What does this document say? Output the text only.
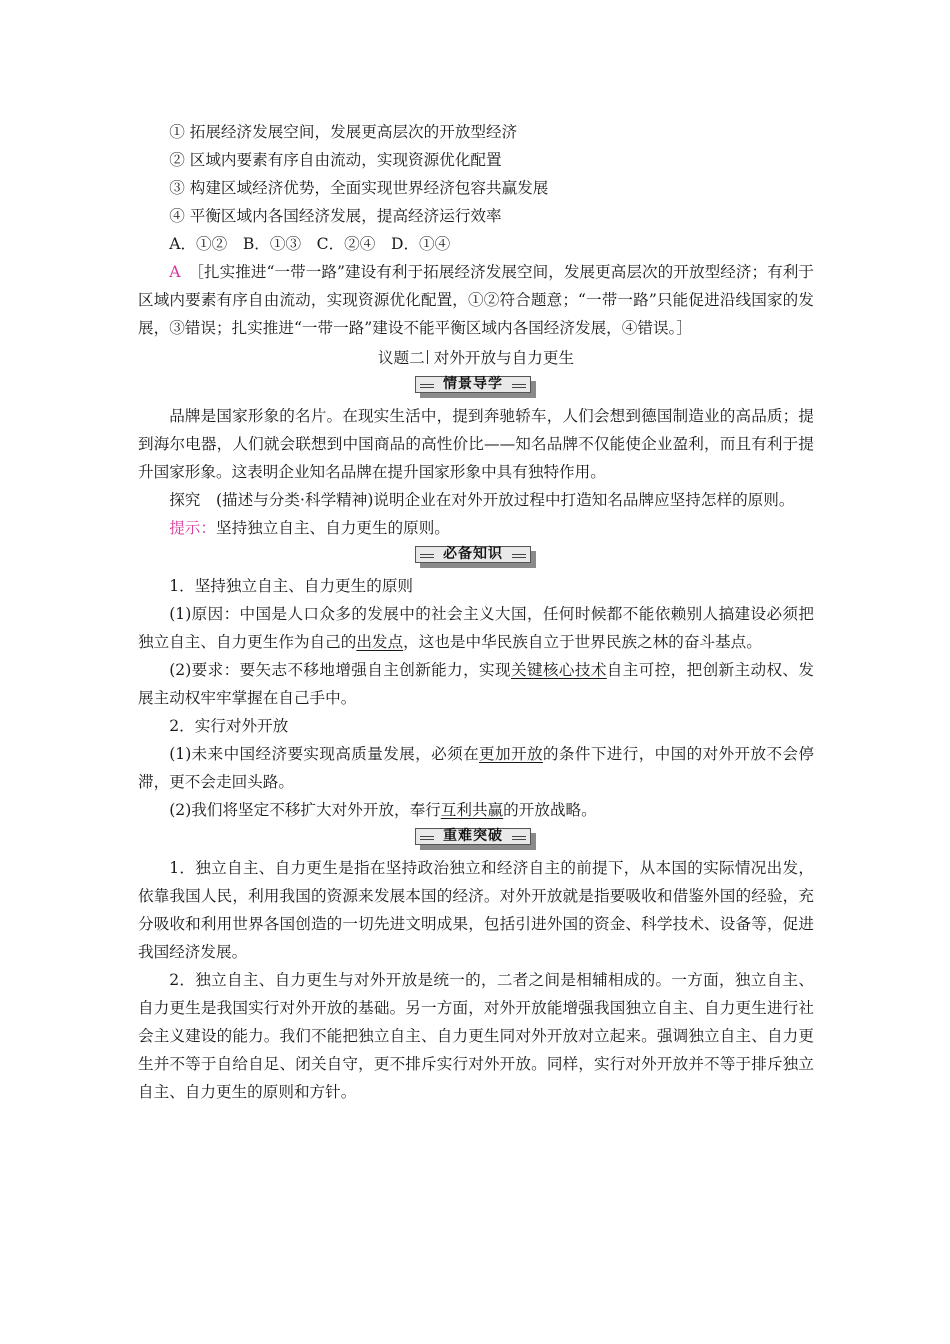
① 拓展经济发展空间，发展更高层次的开放型经济

② 区域内要素有序自由流动，实现资源优化配置

③ 构建区域经济优势，全面实现世界经济包容共赢发展

④ 平衡区域内各国经济发展，提高经济运行效率

A．①②　B．①③　C．②④　D．①④

A　 ［扎实推进“一带一路”建设有利于拓展经济发展空间，发展更高层次的开放型经济；有利于区域内要素有序自由流动，实现资源优化配置，①②符合题意；“一带一路”只能促进沿线国家的发展，③错误；扎实推进“一带一路”建设不能平衡区域内各国经济发展，④错误。］

议题二 对外开放与自力更生

情景导学

品牌是国家形象的名片。在现实生活中，提到奔驰轿车，人们会想到德国制造业的高品质；提到海尔电器，人们就会联想到中国商品的高性价比——知名品牌不仅能使企业盈利，而且有利于提升国家形象。这表明企业知名品牌在提升国家形象中具有独特作用。

探究　(描述与分类·科学精神)说明企业在对外开放过程中打造知名品牌应坚持怎样的原则。

提示：坚持独立自主、自力更生的原则。

必备知识

1．坚持独立自主、自力更生的原则

(1)原因：中国是人口众多的发展中的社会主义大国，任何时候都不能依赖别人搞建设必须把独立自主、自力更生作为自己的出发点，这也是中华民族自立于世界民族之林的奋斗基点。

(2)要求：要矢志不移地增强自主创新能力，实现关键核心技术自主可控，把创新主动权、发展主动权牢牢掌握在自己手中。

2．实行对外开放

(1)未来中国经济要实现高质量发展，必须在更加开放的条件下进行，中国的对外开放不会停滞，更不会走回头路。

(2)我们将坚定不移扩大对外开放，奉行互利共赢的开放战略。

重难突破

1．独立自主、自力更生是指在坚持政治独立和经济自主的前提下，从本国的实际情况出发，依靠我国人民，利用我国的资源来发展本国的经济。对外开放就是指要吸收和借鉴外国的经验，充分吸收和利用世界各国创造的一切先进文明成果，包括引进外国的资金、科学技术、设备等，促进我国经济发展。

2．独立自主、自力更生与对外开放是统一的，二者之间是相辅相成的。一方面，独立自主、自力更生是我国实行对外开放的基础。另一方面，对外开放能增强我国独立自主、自力更生进行社会主义建设的能力。我们不能把独立自主、自力更生同对外开放对立起来。强调独立自主、自力更生并不等于自给自足、闭关自守，更不排斥实行对外开放。同样，实行对外开放并不等于排斥独立自主、自力更生的原则和方针。
